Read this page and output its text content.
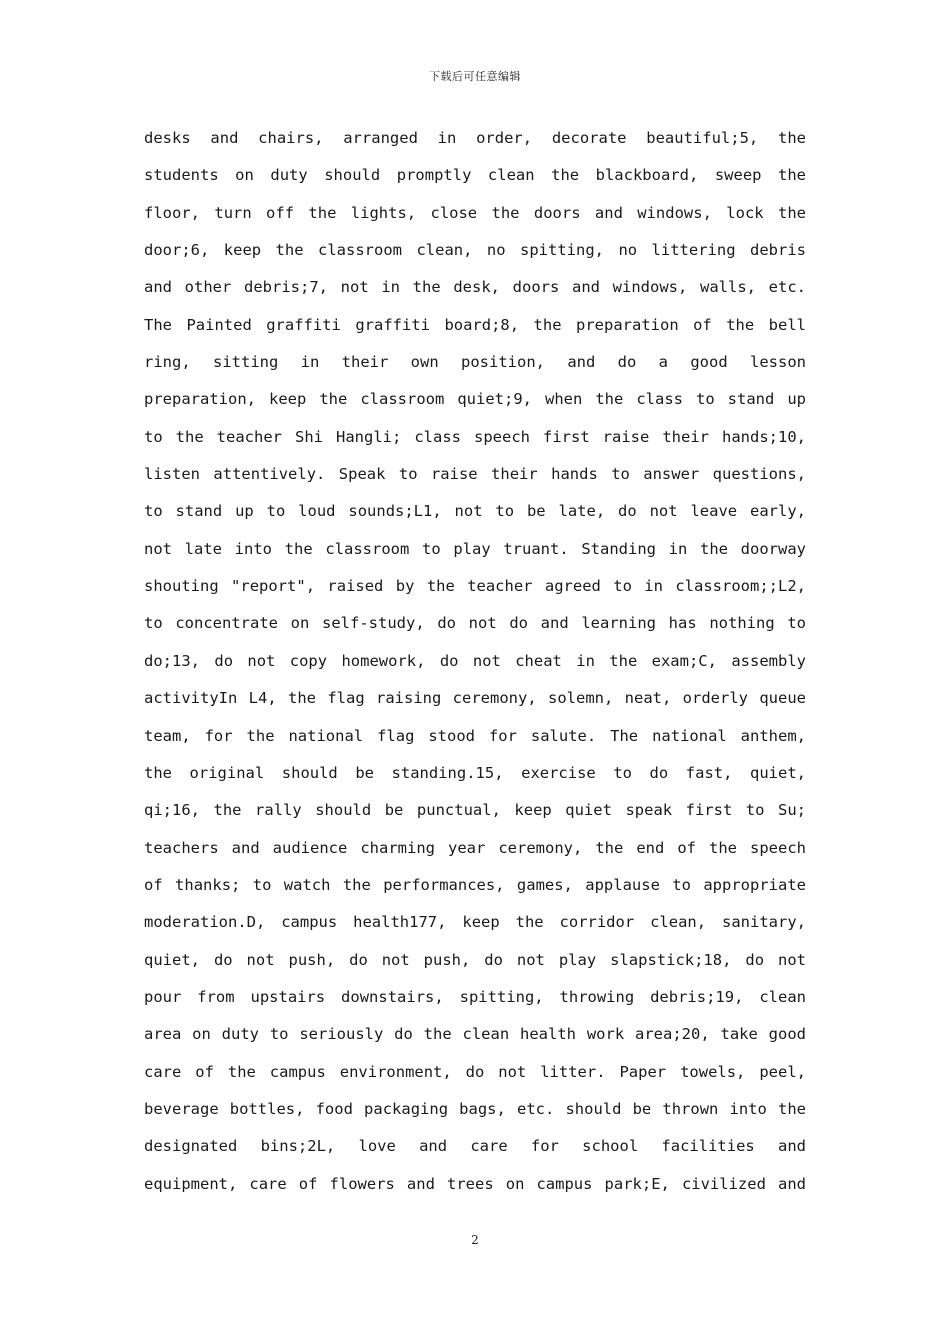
下载后可任意编辑
desks and chairs, arranged in order, decorate beautiful;5, the
students on duty should promptly clean the blackboard, sweep the
floor, turn off the lights, close the doors and windows, lock the
door;6, keep the classroom clean, no spitting, no littering debris
and other debris;7, not in the desk, doors and windows, walls, etc.
The Painted graffiti graffiti board;8, the preparation of the bell
ring, sitting in their own position, and do a good lesson
preparation, keep the classroom quiet;9, when the class to stand up
to the teacher Shi Hangli; class speech first raise their hands;10,
listen attentively. Speak to raise their hands to answer questions,
to stand up to loud sounds;L1, not to be late, do not leave early,
not late into the classroom to play truant. Standing in the doorway
shouting "report", raised by the teacher agreed to in classroom;;L2,
to concentrate on self-study, do not do and learning has nothing to
do;13, do not copy homework, do not cheat in the exam;C, assembly
activityIn L4, the flag raising ceremony, solemn, neat, orderly queue
team, for the national flag stood for salute. The national anthem,
the original should be standing.15, exercise to do fast, quiet,
qi;16, the rally should be punctual, keep quiet speak first to Su;
teachers and audience charming year ceremony, the end of the speech
of thanks; to watch the performances, games, applause to appropriate
moderation.D, campus health177, keep the corridor clean, sanitary,
quiet, do not push, do not push, do not play slapstick;18, do not
pour from upstairs downstairs, spitting, throwing debris;19, clean
area on duty to seriously do the clean health work area;20, take good
care of the campus environment, do not litter. Paper towels, peel,
beverage bottles, food packaging bags, etc. should be thrown into the
designated bins;2L, love and care for school facilities and
equipment, care of flowers and trees on campus park;E, civilized and
2
